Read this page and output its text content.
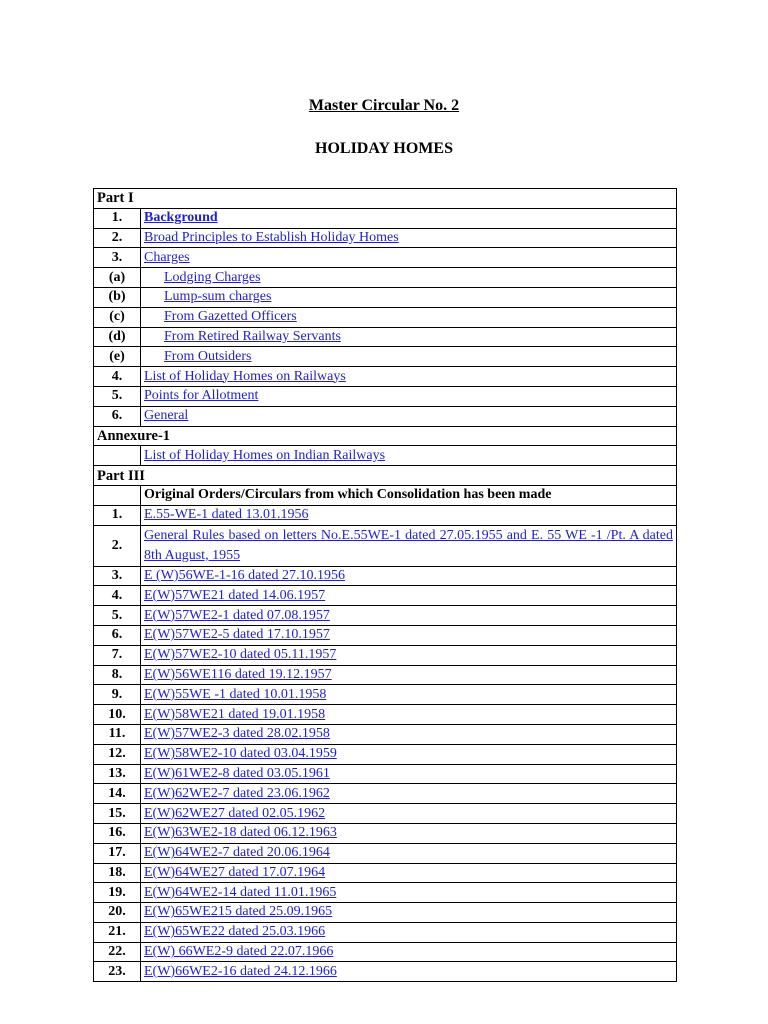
Master Circular No. 2
HOLIDAY HOMES
Part I	
1.	Background
2.	Broad Principles to Establish Holiday Homes
3.	Charges
(a)	Lodging Charges
(b)	Lump-sum charges
(c)	From Gazetted Officers
(d)	From Retired Railway Servants
(e)	From Outsiders
4.	List of Holiday Homes on Railways
5.	Points for Allotment
6.	General
Annexure-1	
	List of Holiday Homes on Indian Railways
Part III	
	Original Orders/Circulars from which Consolidation has been made
1.	E.55-WE-1 dated 13.01.1956
2.	General Rules based on letters No.E.55WE-1 dated 27.05.1955 and E. 55 WE -1 /Pt. A dated 8th August, 1955
3.	E (W)56WE-1-16 dated 27.10.1956
4.	E(W)57WE21 dated 14.06.1957
5.	E(W)57WE2-1 dated 07.08.1957
6.	E(W)57WE2-5 dated 17.10.1957
7.	E(W)57WE2-10 dated 05.11.1957
8.	E(W)56WE116 dated 19.12.1957
9.	E(W)55WE -1 dated 10.01.1958
10.	E(W)58WE21 dated 19.01.1958
11.	E(W)57WE2-3 dated 28.02.1958
12.	E(W)58WE2-10 dated 03.04.1959
13.	E(W)61WE2-8 dated 03.05.1961
14.	E(W)62WE2-7 dated 23.06.1962
15.	E(W)62WE27 dated 02.05.1962
16.	E(W)63WE2-18 dated 06.12.1963
17.	E(W)64WE2-7 dated 20.06.1964
18.	E(W)64WE27 dated 17.07.1964
19.	E(W)64WE2-14 dated 11.01.1965
20.	E(W)65WE215 dated 25.09.1965
21.	E(W)65WE22 dated 25.03.1966
22.	E(W) 66WE2-9 dated 22.07.1966
23.	E(W)66WE2-16 dated 24.12.1966
